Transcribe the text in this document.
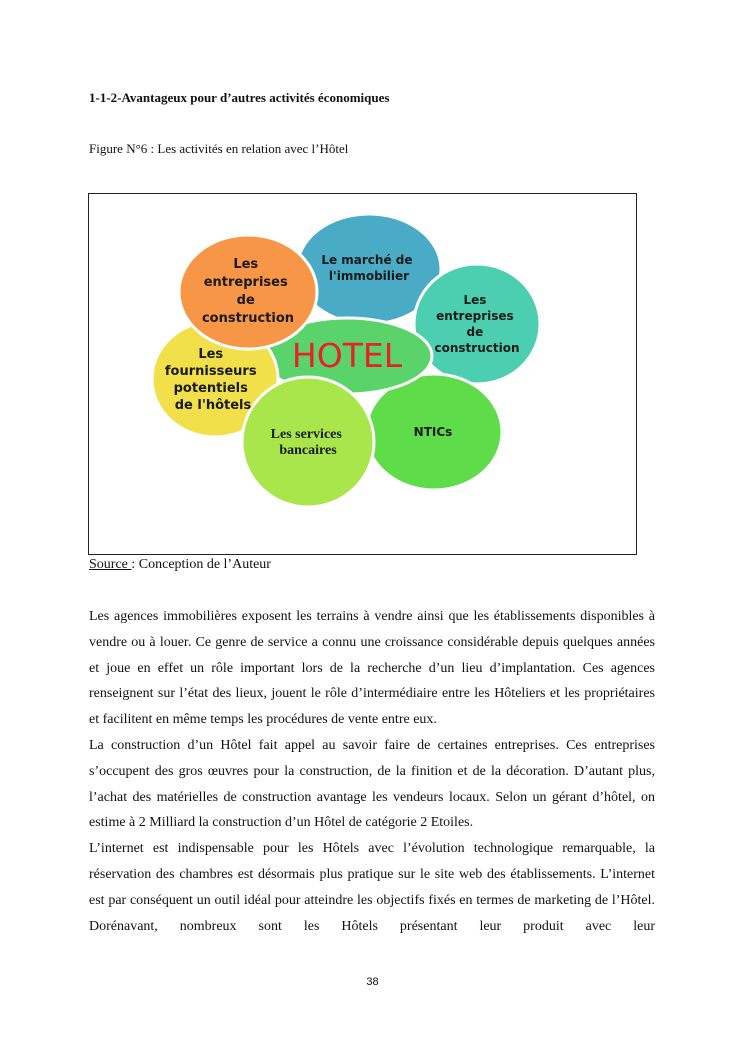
1-1-2-Avantageux pour d’autres activités économiques
Figure N°6 : Les activités en relation avec l’Hôtel
Le marché de l'immobilier
Les entreprises de construction
NTICs
HOTEL
Les fournisseurs potentiels de l'hôtels
Les services bancaires
Les entreprises de construction
Source : Conception de l’Auteur

Les agences immobilières exposent les terrains à vendre ainsi que les établissements disponibles à vendre ou à louer. Ce genre de service a connu une croissance considérable depuis quelques années et joue en effet un rôle important lors de la recherche d’un lieu d’implantation. Ces agences renseignent sur l’état des lieux, jouent le rôle d’intermédiaire entre les Hôteliers et les propriétaires et facilitent en même temps les procédures de vente entre eux.

La construction d’un Hôtel fait appel au savoir faire de certaines entreprises. Ces entreprises s’occupent des gros œuvres pour la construction, de la finition et de la décoration. D’autant plus, l’achat des matérielles de construction avantage les vendeurs locaux. Selon un gérant d’hôtel, on estime à 2 Milliard la construction d’un Hôtel de catégorie 2 Etoiles.

L’internet est indispensable pour les Hôtels avec l’évolution technologique remarquable, la réservation des chambres est désormais plus pratique sur le site web des établissements. L’internet est par conséquent un outil idéal pour atteindre les objectifs fixés en termes de marketing de l’Hôtel. Dorénavant, nombreux sont les Hôtels présentant leur produit avec leur

38
